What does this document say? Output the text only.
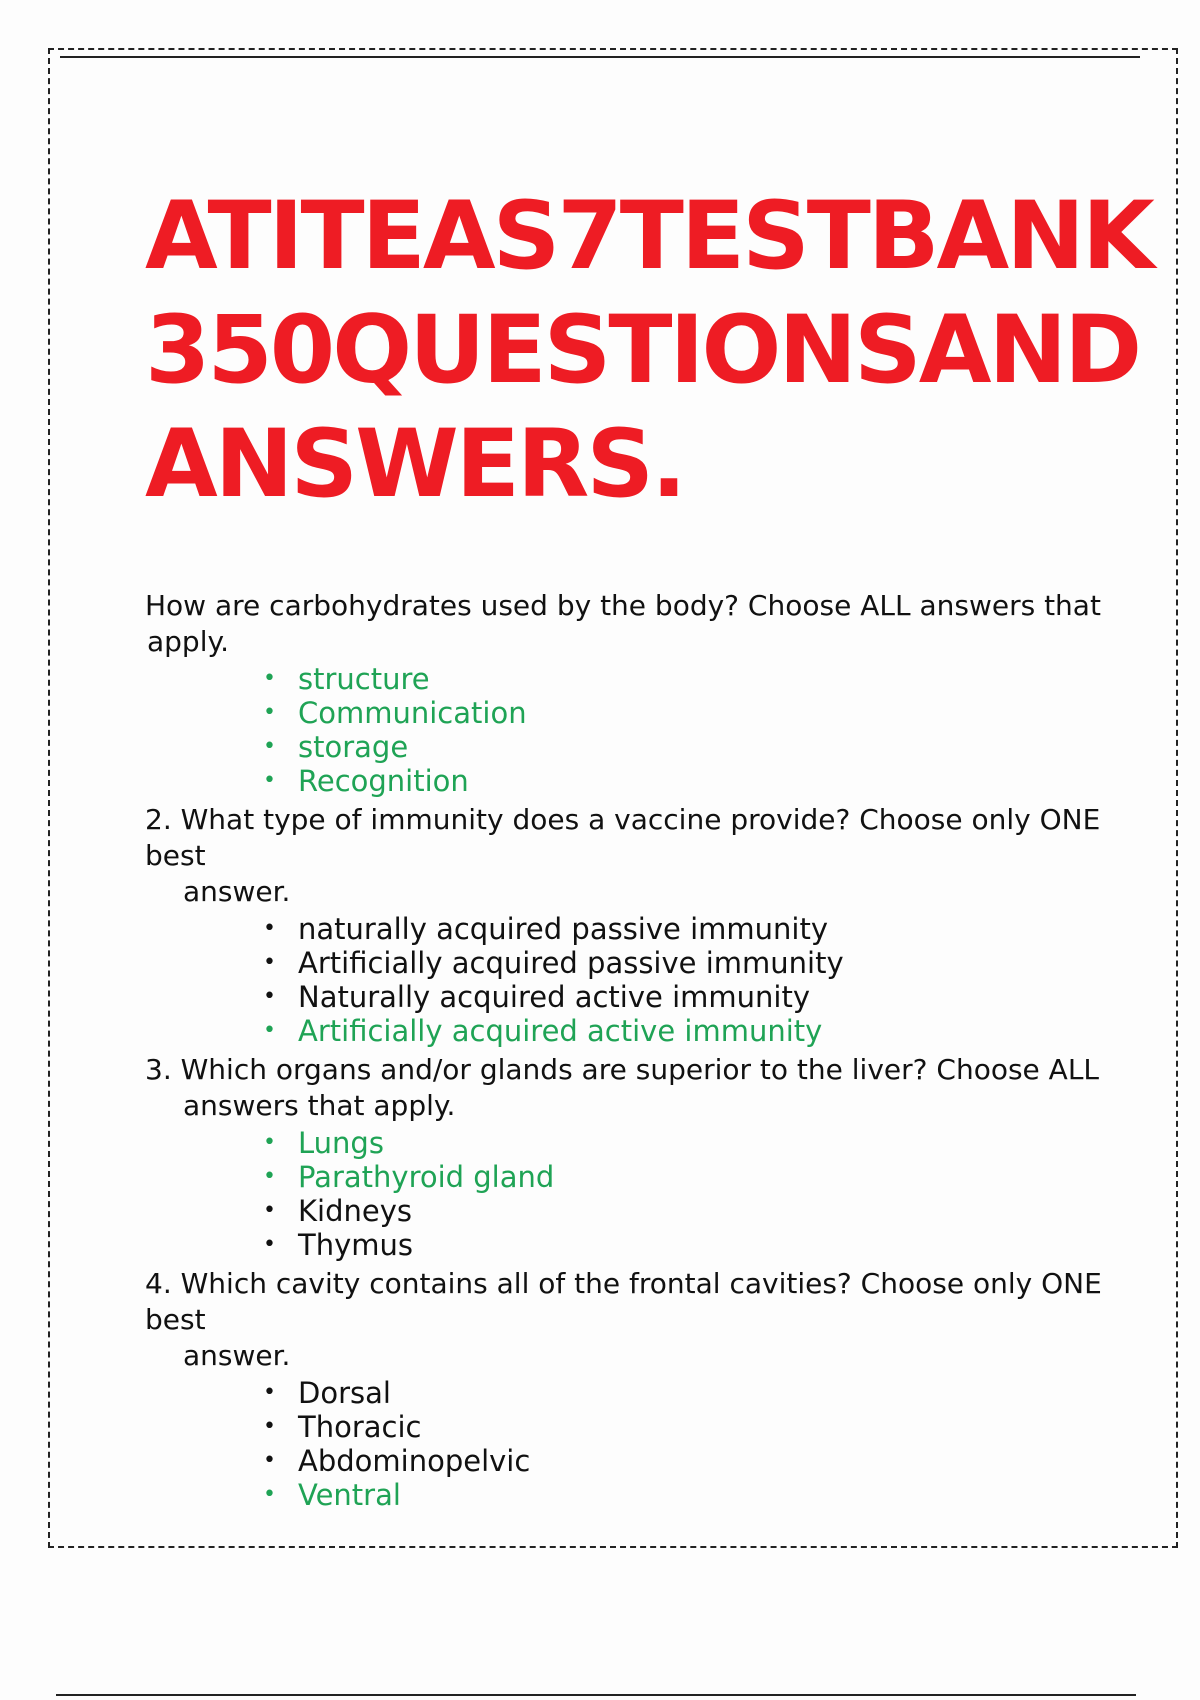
ATITEAS7TESTBANK
350QUESTIONSAND
ANSWERS.

How are carbohydrates used by the body? Choose ALL answers that
apply.

• structure
• Communication
• storage
• Recognition

2. What type of immunity does a vaccine provide? Choose only ONE best
answer.

• naturally acquired passive immunity
• Artificially acquired passive immunity
• Naturally acquired active immunity
• Artificially acquired active immunity

3. Which organs and/or glands are superior to the liver? Choose ALL
answers that apply.

• Lungs
• Parathyroid gland
• Kidneys
• Thymus

4. Which cavity contains all of the frontal cavities? Choose only ONE best
answer.

• Dorsal
• Thoracic
• Abdominopelvic
• Ventral
